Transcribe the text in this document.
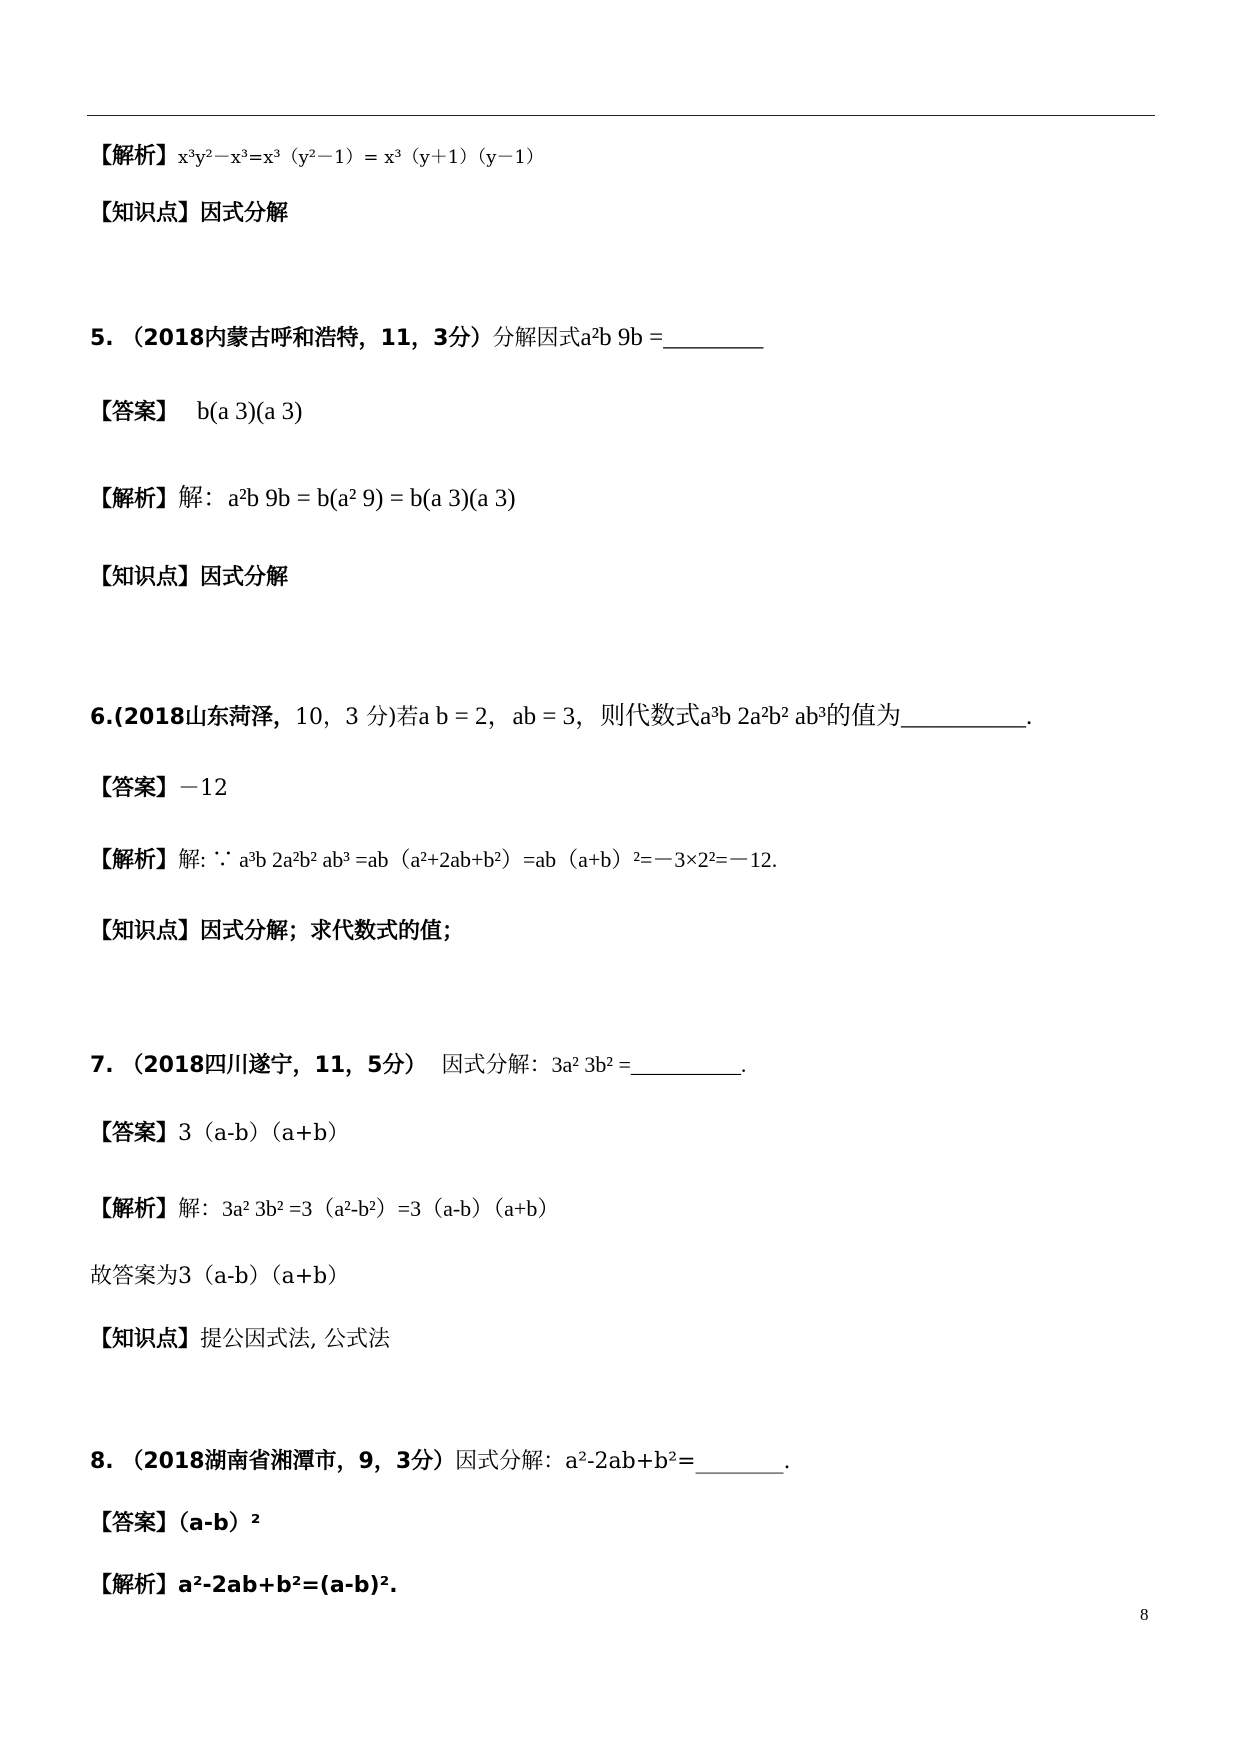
【解析】x³y²－x³=x³（y²－1）= x³（y＋1）（y－1）
【知识点】因式分解
5. （2018内蒙古呼和浩特，11，3分）分解因式a²b 9b =________
【答案】 b(a 3)(a 3)
【解析】解：a²b 9b = b(a² 9) = b(a 3)(a 3)
【知识点】因式分解
6.(2018山东菏泽，10，3 分)若a b = 2，ab = 3，则代数式a³b 2a²b² ab³的值为__________.
【答案】－12
【解析】解: ∵ a³b 2a²b² ab³ =ab（a²+2ab+b²）=ab（a+b）²=－3×2²=－12.
【知识点】因式分解；求代数式的值；
7. （2018四川遂宁，11，5分） 因式分解：3a² 3b² =__________.
【答案】3（a-b）（a+b）
【解析】解：3a² 3b² =3（a²-b²）=3（a-b）（a+b）
故答案为3（a-b）（a+b）
【知识点】提公因式法, 公式法
8. （2018湖南省湘潭市，9，3分）因式分解：a²-2ab+b²=________.
【答案】（a-b）²
【解析】a²-2ab+b²=(a-b)².
8
